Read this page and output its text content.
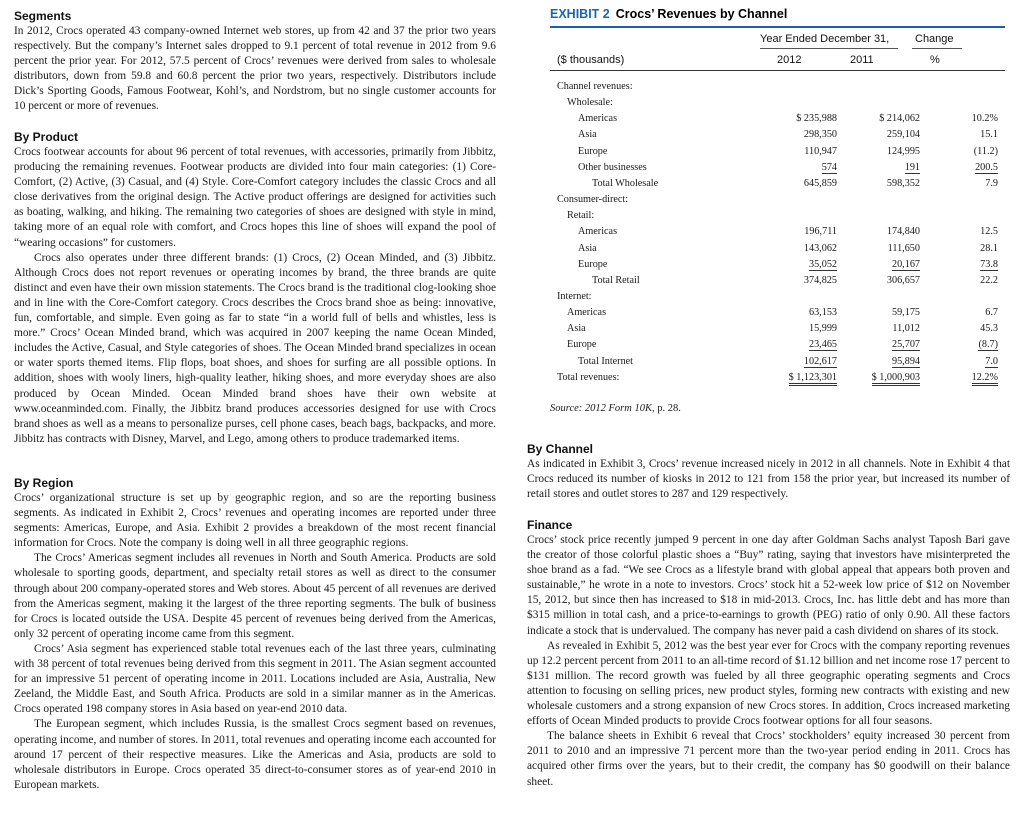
Segments

In 2012, Crocs operated 43 company-owned Internet web stores, up from 42 and 37 the prior two years respectively. But the company’s Internet sales dropped to 9.1 percent of total revenue in 2012 from 9.6 percent the prior year. For 2012, 57.5 percent of Crocs’ revenues were derived from sales to wholesale distributors, down from 59.8 and 60.8 percent the prior two years, respectively. Distributors include Dick’s Sporting Goods, Famous Footwear, Kohl’s, and Nordstrom, but no single customer accounts for 10 percent or more of revenues.

By Product

Crocs footwear accounts for about 96 percent of total revenues, with accessories, primarily from Jibbitz, producing the remaining revenues. Footwear products are divided into four main categories: (1) Core-Comfort, (2) Active, (3) Casual, and (4) Style. Core-Comfort category includes the classic Crocs and all close derivatives from the original design. The Active product offerings are designed for activities such as boating, walking, and hiking. The remaining two categories of shoes are designed with style in mind, taking more of an equal role with comfort, and Crocs hopes this line of shoes will expand the pool of “wearing occasions” for customers.

Crocs also operates under three different brands: (1) Crocs, (2) Ocean Minded, and (3) Jibbitz. Although Crocs does not report revenues or operating incomes by brand, the three brands are quite distinct and even have their own mission statements. The Crocs brand is the traditional clog-looking shoe and in line with the Core-Comfort category. Crocs describes the Crocs brand shoe as being: innovative, fun, comfortable, and simple. Even going as far to state “in a world full of bells and whistles, less is more.” Crocs’ Ocean Minded brand, which was acquired in 2007 keeping the name Ocean Minded, includes the Active, Casual, and Style categories of shoes. The Ocean Minded brand specializes in ocean or water sports themed items. Flip flops, boat shoes, and shoes for surfing are all possible options. In addition, shoes with wooly liners, high-quality leather, hiking shoes, and more everyday shoes are also produced by Ocean Minded. Ocean Minded brand shoes have their own website at www.oceanminded.com. Finally, the Jibbitz brand produces accessories designed for use with Crocs brand shoes as well as a means to personalize purses, cell phone cases, beach bags, backpacks, and more. Jibbitz has contracts with Disney, Marvel, and Lego, among others to produce trademarked items.

By Region

Crocs’ organizational structure is set up by geographic region, and so are the reporting business segments. As indicated in Exhibit 2, Crocs’ revenues and operating incomes are reported under three segments: Americas, Europe, and Asia. Exhibit 2 provides a breakdown of the most recent financial information for Crocs. Note the company is doing well in all three geographic regions.

The Crocs’ Americas segment includes all revenues in North and South America. Products are sold wholesale to sporting goods, department, and specialty retail stores as well as direct to the consumer through about 200 company-operated stores and Web stores. About 45 percent of all revenues are derived from the Americas segment, making it the largest of the three reporting segments. The bulk of business for Crocs is located outside the USA. Despite 45 percent of revenues being derived from the Americas, only 32 percent of operating income came from this segment.

Crocs’ Asia segment has experienced stable total revenues each of the last three years, culminating with 38 percent of total revenues being derived from this segment in 2011. The Asian segment accounted for an impressive 51 percent of operating income in 2011. Locations included are Asia, Australia, New Zeeland, the Middle East, and South Africa. Products are sold in a similar manner as in the Americas. Crocs operated 198 company stores in Asia based on year-end 2010 data.

The European segment, which includes Russia, is the smallest Crocs segment based on revenues, operating income, and number of stores. In 2011, total revenues and operating income each accounted for around 17 percent of their respective measures. Like the Americas and Asia, products are sold to wholesale distributors in Europe. Crocs operated 35 direct-to-consumer stores as of year-end 2010 in European markets.

EXHIBIT 2 Crocs’ Revenues by Channel
Year Ended December 31, Change
($ thousands)	2012	2011	%
Channel revenues:
Wholesale:
Americas	$ 235,988	$ 214,062	10.2%
Asia	298,350	259,104	15.1
Europe	110,947	124,995	(11.2)
Other businesses	574	191	200.5
Total Wholesale	645,859	598,352	7.9
Consumer-direct:
Retail:
Americas	196,711	174,840	12.5
Asia	143,062	111,650	28.1
Europe	35,052	20,167	73.8
Total Retail	374,825	306,657	22.2
Internet:
Americas	63,153	59,175	6.7
Asia	15,999	11,012	45.3
Europe	23,465	25,707	(8.7)
Total Internet	102,617	95,894	7.0
Total revenues:	$ 1,123,301	$ 1,000,903	12.2%
Source: 2012 Form 10K, p. 28.
By Channel

As indicated in Exhibit 3, Crocs’ revenue increased nicely in 2012 in all channels. Note in Exhibit 4 that Crocs reduced its number of kiosks in 2012 to 121 from 158 the prior year, but increased its number of retail stores and outlet stores to 287 and 129 respectively.

Finance

Crocs’ stock price recently jumped 9 percent in one day after Goldman Sachs analyst Taposh Bari gave the creator of those colorful plastic shoes a “Buy” rating, saying that investors have misinterpreted the shoe brand as a fad. “We see Crocs as a lifestyle brand with global appeal that appears both proven and sustainable,” he wrote in a note to investors. Crocs’ stock hit a 52-week low price of $12 on November 15, 2012, but since then has increased to $18 in mid-2013. Crocs, Inc. has little debt and has more than $315 million in total cash, and a price-to-earnings to growth (PEG) ratio of only 0.90. All these factors indicate a stock that is undervalued. The company has never paid a cash dividend on shares of its stock.

As revealed in Exhibit 5, 2012 was the best year ever for Crocs with the company reporting revenues up 12.2 percent percent from 2011 to an all-time record of $1.12 billion and net income rose 17 percent to $131 million. The record growth was fueled by all three geographic operating segments and Crocs attention to focusing on selling prices, new product styles, forming new contracts with existing and new wholesale customers and a strong expansion of new Crocs stores. In addition, Crocs increased marketing efforts of Ocean Minded products to provide Crocs footwear options for all four seasons.

The balance sheets in Exhibit 6 reveal that Crocs’ stockholders’ equity increased 30 percent from 2011 to 2010 and an impressive 71 percent more than the two-year period ending in 2011. Crocs has acquired other firms over the years, but to their credit, the company has $0 goodwill on their balance sheet.
